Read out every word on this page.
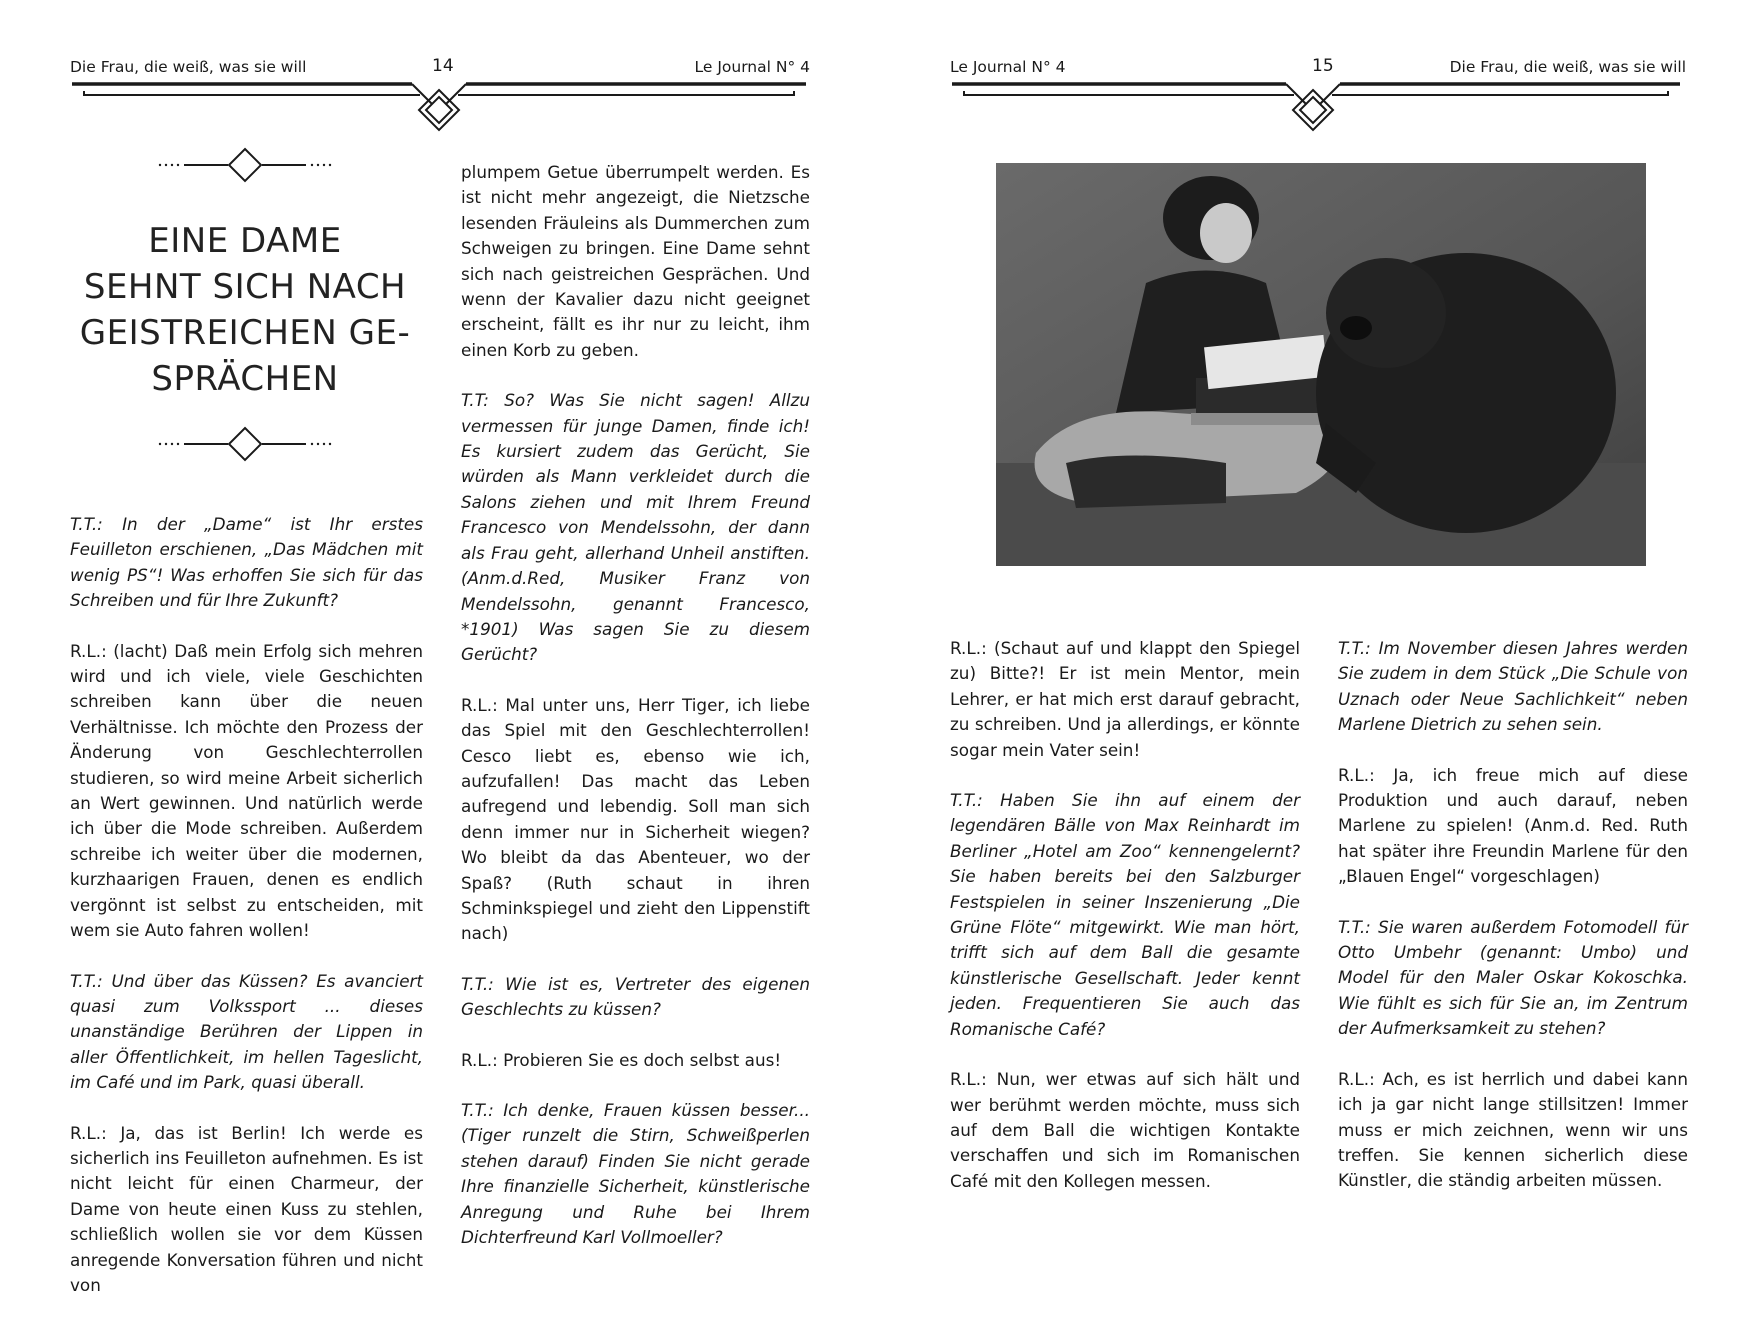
Die Frau, die weiß, was sie will	14	Le Journal N° 4	Le Journal N° 4	15	Die Frau, die weiß, was sie will
EINE DAME
SEHNT SICH NACH
GEISTREICHEN GE-
SPRÄCHEN

T.T.: In der „Dame“ ist Ihr erstes Feuilleton erschienen, „Das Mädchen mit wenig PS“! Was erhoffen Sie sich für das Schreiben und für Ihre Zukunft?

R.L.: (lacht) Daß mein Erfolg sich mehren wird und ich viele, viele Geschichten schreiben kann über die neuen Verhältnisse. Ich möchte den Prozess der Änderung von Geschlechterrollen studieren, so wird meine Arbeit sicherlich an Wert gewinnen. Und natürlich werde ich über die Mode schreiben. Außerdem schreibe ich weiter über die modernen, kurzhaarigen Frauen, denen es endlich vergönnt ist selbst zu entscheiden, mit wem sie Auto fahren wollen!

T.T.: Und über das Küssen? Es avanciert quasi zum Volkssport ... dieses unanständige Berühren der Lippen in aller Öffentlichkeit, im hellen Tageslicht, im Café und im Park, quasi überall.

R.L.: Ja, das ist Berlin! Ich werde es sicherlich ins Feuilleton aufnehmen. Es ist nicht leicht für einen Charmeur, der Dame von heute einen Kuss zu stehlen, schließlich wollen sie vor dem Küssen anregende Konversation führen und nicht von

plumpem Getue überrumpelt werden. Es ist nicht mehr angezeigt, die Nietzsche lesenden Fräuleins als Dummerchen zum Schweigen zu bringen. Eine Dame sehnt sich nach geistreichen Gesprächen. Und wenn der Kavalier dazu nicht geeignet erscheint, fällt es ihr nur zu leicht, ihm einen Korb zu geben.

T.T: So? Was Sie nicht sagen! Allzu vermessen für junge Damen, finde ich! Es kursiert zudem das Gerücht, Sie würden als Mann verkleidet durch die Salons ziehen und mit Ihrem Freund Francesco von Mendelssohn, der dann als Frau geht, allerhand Unheil anstiften. (Anm.d.Red, Musiker Franz von Mendelssohn, genannt Francesco, *1901) Was sagen Sie zu diesem Gerücht?

R.L.: Mal unter uns, Herr Tiger, ich liebe das Spiel mit den Geschlechterrollen! Cesco liebt es, ebenso wie ich, aufzufallen! Das macht das Leben aufregend und lebendig. Soll man sich denn immer nur in Sicherheit wiegen? Wo bleibt da das Abenteuer, wo der Spaß? (Ruth schaut in ihren Schminkspiegel und zieht den Lippenstift nach)

T.T.: Wie ist es, Vertreter des eigenen Geschlechts zu küssen?

R.L.: Probieren Sie es doch selbst aus!

T.T.: Ich denke, Frauen küssen besser... (Tiger runzelt die Stirn, Schweißperlen stehen darauf) Finden Sie nicht gerade Ihre finanzielle Sicherheit, künstlerische Anregung und Ruhe bei Ihrem Dichterfreund Karl Vollmoeller?

R.L.: (Schaut auf und klappt den Spiegel zu) Bitte?! Er ist mein Mentor, mein Lehrer, er hat mich erst darauf gebracht, zu schreiben. Und ja allerdings, er könnte sogar mein Vater sein!

T.T.: Haben Sie ihn auf einem der legendären Bälle von Max Reinhardt im Berliner „Hotel am Zoo“ kennengelernt? Sie haben bereits bei den Salzburger Festspielen in seiner Inszenierung „Die Grüne Flöte“ mitgewirkt. Wie man hört, trifft sich auf dem Ball die gesamte künstlerische Gesellschaft. Jeder kennt jeden. Frequentieren Sie auch das Romanische Café?

R.L.: Nun, wer etwas auf sich hält und wer berühmt werden möchte, muss sich auf dem Ball die wichtigen Kontakte verschaffen und sich im Romanischen Café mit den Kollegen messen.

T.T.: Im November diesen Jahres werden Sie zudem in dem Stück „Die Schule von Uznach oder Neue Sachlichkeit“ neben Marlene Dietrich zu sehen sein.

R.L.: Ja, ich freue mich auf diese Produktion und auch darauf, neben Marlene zu spielen! (Anm.d. Red. Ruth hat später ihre Freundin Marlene für den „Blauen Engel“ vorgeschlagen)

T.T.: Sie waren außerdem Fotomodell für Otto Umbehr (genannt: Umbo) und Model für den Maler Oskar Kokoschka. Wie fühlt es sich für Sie an, im Zentrum der Aufmerksamkeit zu stehen?

R.L.: Ach, es ist herrlich und dabei kann ich ja gar nicht lange stillsitzen! Immer muss er mich zeichnen, wenn wir uns treffen. Sie kennen sicherlich diese Künstler, die ständig arbeiten müssen.
